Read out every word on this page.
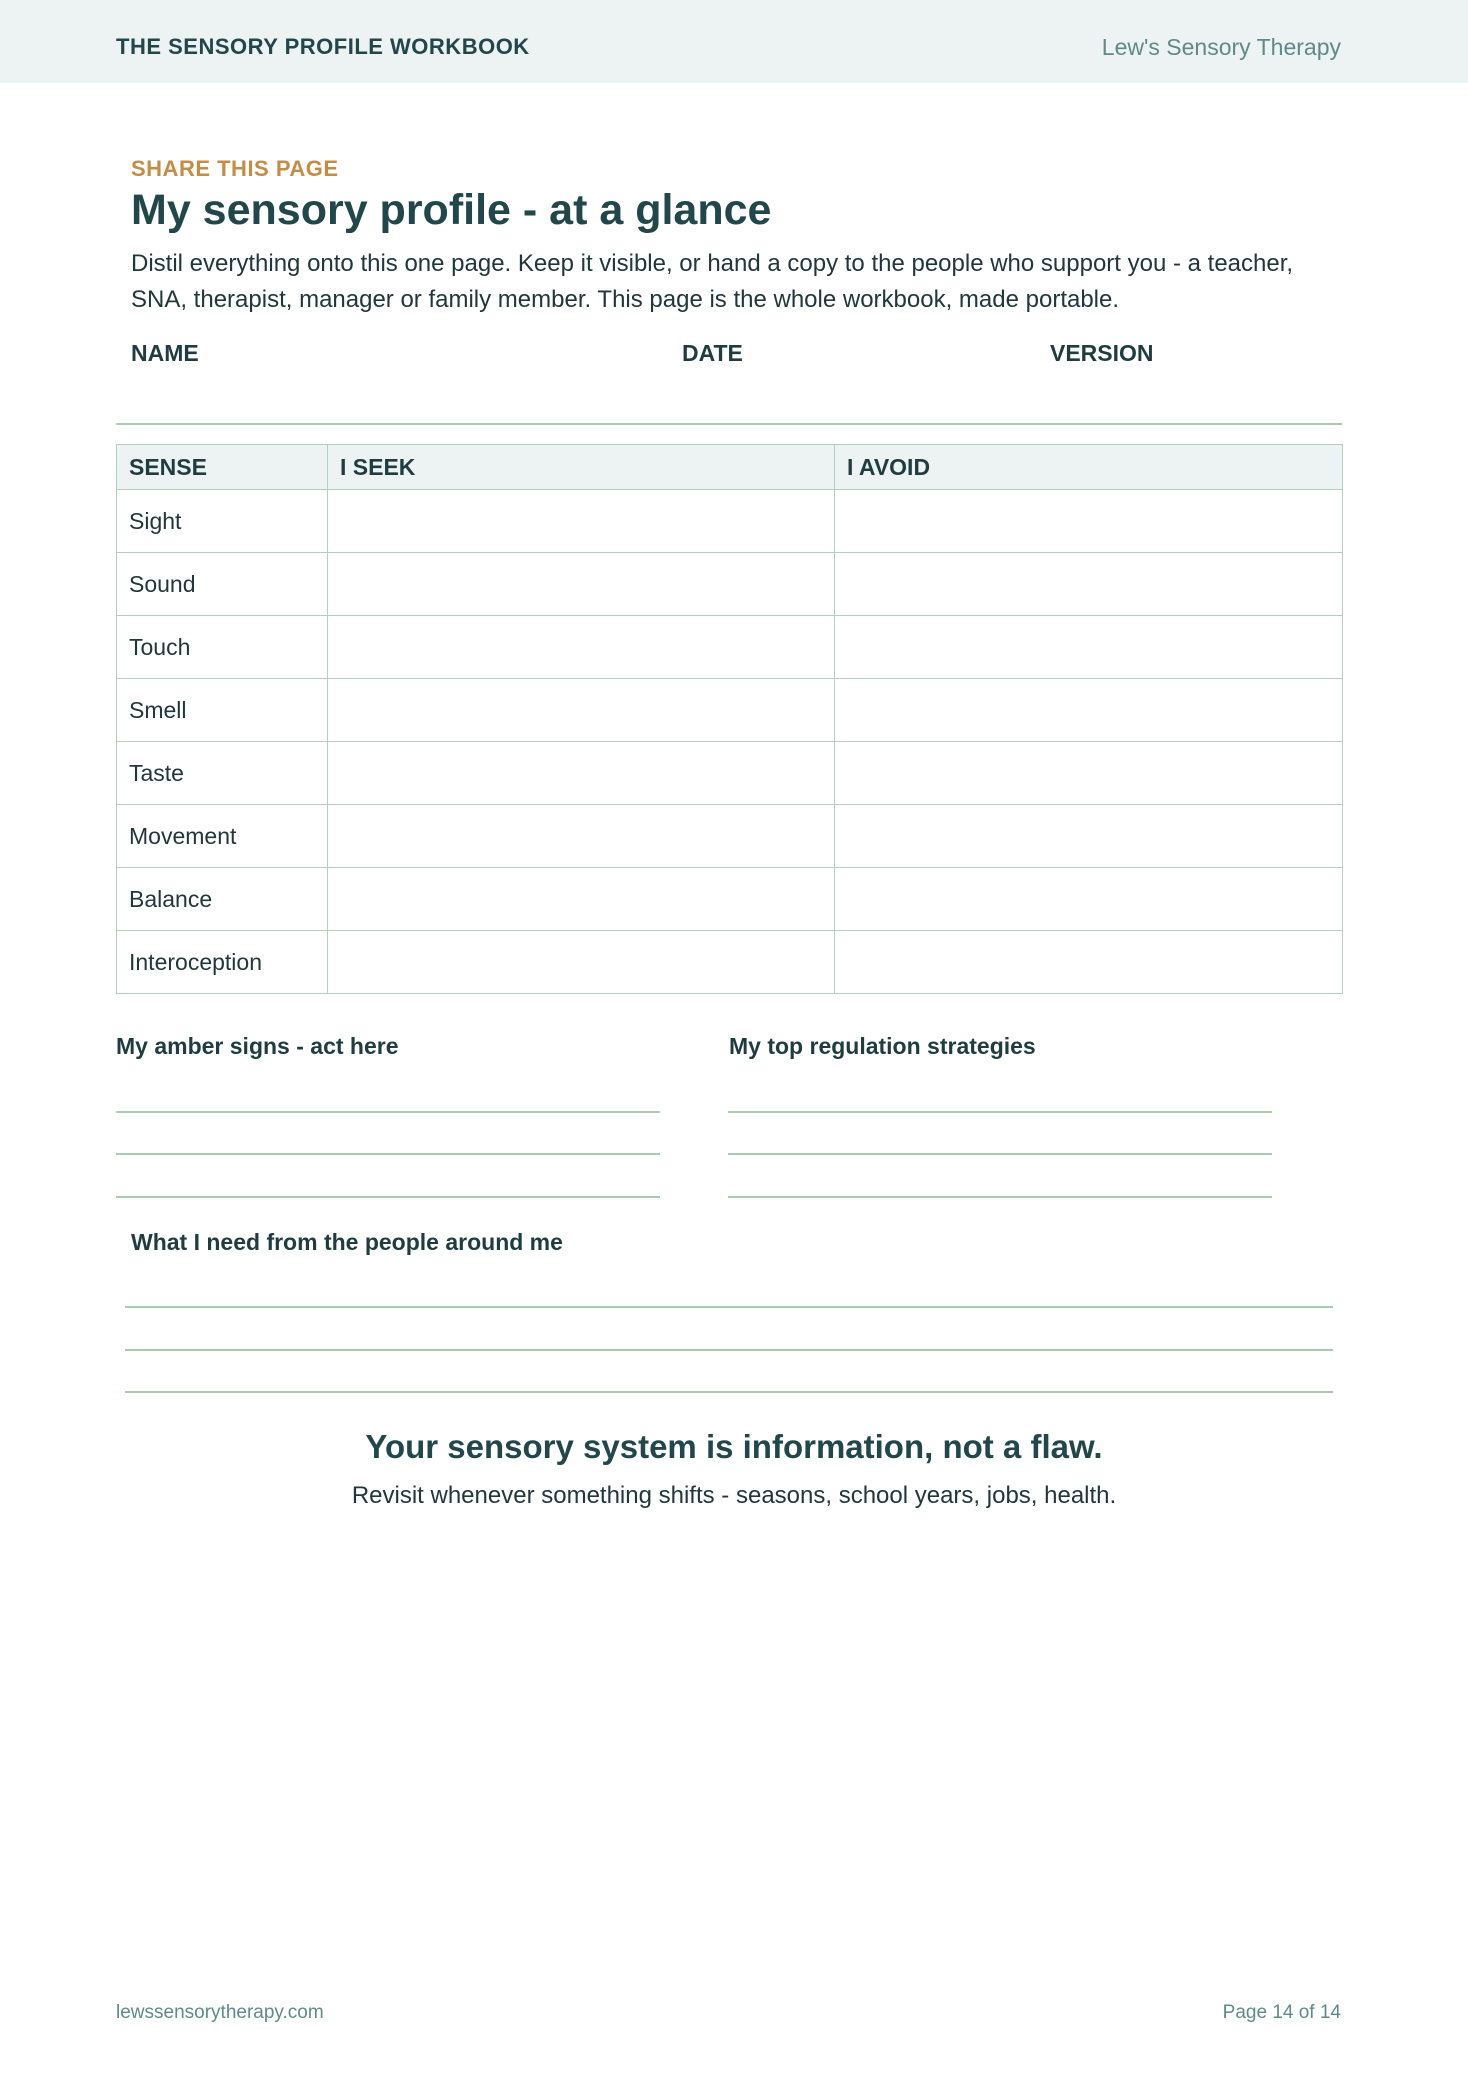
THE SENSORY PROFILE WORKBOOK	Lew's Sensory Therapy
SHARE THIS PAGE
My sensory profile - at a glance
Distil everything onto this one page. Keep it visible, or hand a copy to the people who support you - a teacher, SNA, therapist, manager or family member. This page is the whole workbook, made portable.
NAME	DATE	VERSION
SENSE	I SEEK	I AVOID
Sight		
Sound		
Touch		
Smell		
Taste		
Movement		
Balance		
Interoception		
My amber signs - act here	My top regulation strategies
What I need from the people around me
Your sensory system is information, not a flaw.
Revisit whenever something shifts - seasons, school years, jobs, health.
lewssensorytherapy.com	Page 14 of 14
